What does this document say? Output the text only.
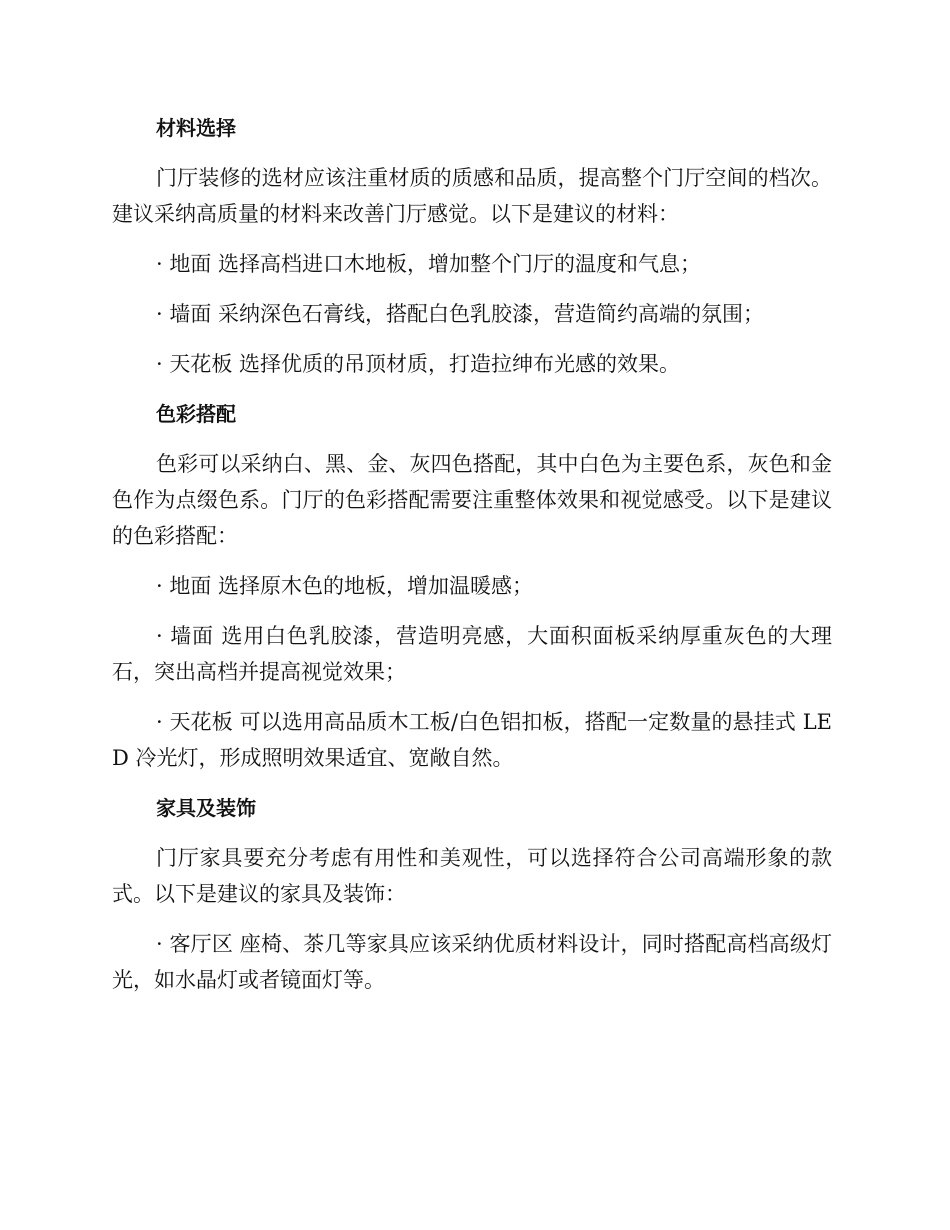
材料选择

门厅装修的选材应该注重材质的质感和品质，提高整个门厅空间的档次。建议采纳高质量的材料来改善门厅感觉。以下是建议的材料：

· 地面 选择高档进口木地板，增加整个门厅的温度和气息；

· 墙面 采纳深色石膏线，搭配白色乳胶漆，营造简约高端的氛围；

· 天花板 选择优质的吊顶材质，打造拉绅布光感的效果。

色彩搭配

色彩可以采纳白、黑、金、灰四色搭配，其中白色为主要色系，灰色和金色作为点缀色系。门厅的色彩搭配需要注重整体效果和视觉感受。以下是建议的色彩搭配：

· 地面 选择原木色的地板，增加温暖感；

· 墙面 选用白色乳胶漆，营造明亮感，大面积面板采纳厚重灰色的大理石，突出高档并提高视觉效果；

· 天花板 可以选用高品质木工板/白色铝扣板，搭配一定数量的悬挂式 LED 冷光灯，形成照明效果适宜、宽敞自然。

家具及装饰

门厅家具要充分考虑有用性和美观性，可以选择符合公司高端形象的款式。以下是建议的家具及装饰：

· 客厅区 座椅、茶几等家具应该采纳优质材料设计，同时搭配高档高级灯光，如水晶灯或者镜面灯等。
